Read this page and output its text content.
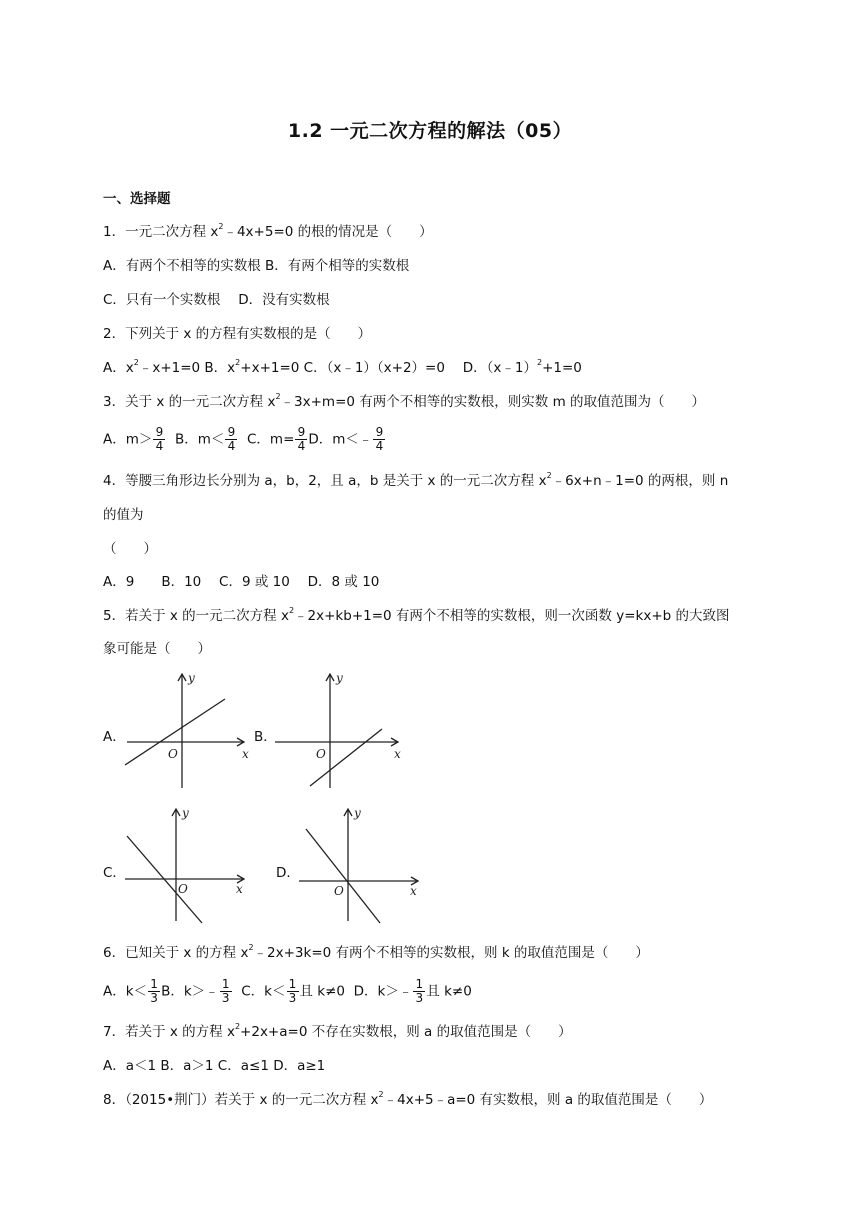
1.2 一元二次方程的解法（05）
一、选择题
1．一元二次方程 $x^2﹣4x+5=0$ 的根的情况是（　　）
A．有两个不相等的实数根 B．有两个相等的实数根
C．只有一个实数根　 D．没有实数根
2．下列关于 x 的方程有实数根的是（　　）
A．$x^2﹣x+1=0$ B．$x^2+x+1=0$ C．（x﹣1）（x+2）=0　 D．（x﹣1）$^2$+1=0
3．关于 x 的一元二次方程 $x^2﹣3x+m=0$ 有两个不相等的实数根，则实数 m 的取值范围为（　　）
A．$m> \frac{9}{4}$ B．$m< \frac{9}{4}$ C．$m= \frac{9}{4}$ D．m＜﹣ $\frac{9}{4}$
4．等腰三角形边长分别为 a，b，2，且 a，b 是关于 x 的一元二次方程 $x^2﹣6x+n﹣1=0$ 的两根，则 n
的值为
（　　）
A．9　　B．10　 C．9 或 10　 D．8 或 10
5．若关于 x 的一元二次方程 $x^2﹣2x+kb+1=0$ 有两个不相等的实数根，则一次函数 y=kx+b 的大致图
象可能是（　　）
A．
y
x
O
B．
y
x
O
C．
y
x
O
D．
y
x
O
6．已知关于 x 的方程 $x^2﹣2x+3k=0$ 有两个不相等的实数根，则 k 的取值范围是（　　）
A．$k< \frac{1}{3}$ B．k＞﹣ $\frac{1}{3}$ C．$k< \frac{1}{3}$ 且 k≠0 D．k＞﹣ $\frac{1}{3}$ 且 k≠0
7．若关于 x 的方程 $x^2+2x+a=0$ 不存在实数根，则 a 的取值范围是（　　）
A．a＜1 B．a＞1 C．a≤1 D．a≥1
8．（2015•荆门）若关于 x 的一元二次方程 $x^2﹣4x+5﹣a=0$ 有实数根，则 a 的取值范围是（　　）
